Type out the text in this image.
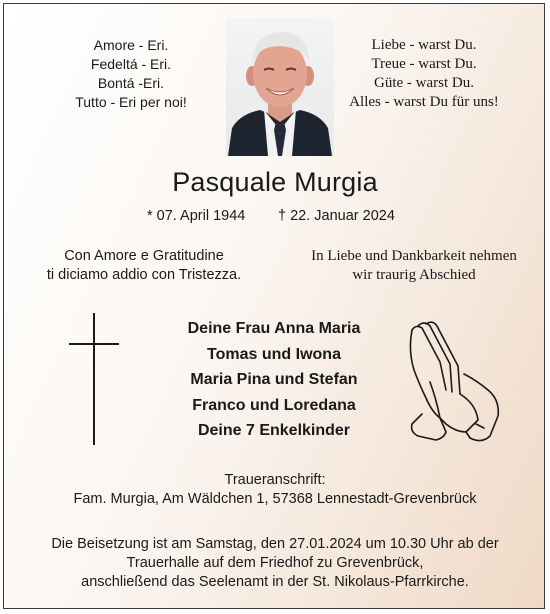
Amore - Eri.
Fedeltá - Eri.
Bontá -Eri.
Tutto - Eri per noi!
Liebe - warst Du.
Treue - warst Du.
Güte - warst Du.
Alles - warst Du für uns!
Pasquale Murgia
* 07. April 1944 † 22. Januar 2024
Con Amore e Gratitudine
ti diciamo addio con Tristezza.
In Liebe und Dankbarkeit nehmen
wir traurig Abschied
Deine Frau Anna Maria
Tomas und Iwona
Maria Pina und Stefan
Franco und Loredana
Deine 7 Enkelkinder
Traueranschrift:
Fam. Murgia, Am Wäldchen 1, 57368 Lennestadt-Grevenbrück
Die Beisetzung ist am Samstag, den 27.01.2024 um 10.30 Uhr ab der
Trauerhalle auf dem Friedhof zu Grevenbrück,
anschließend das Seelenamt in der St. Nikolaus-Pfarrkirche.
